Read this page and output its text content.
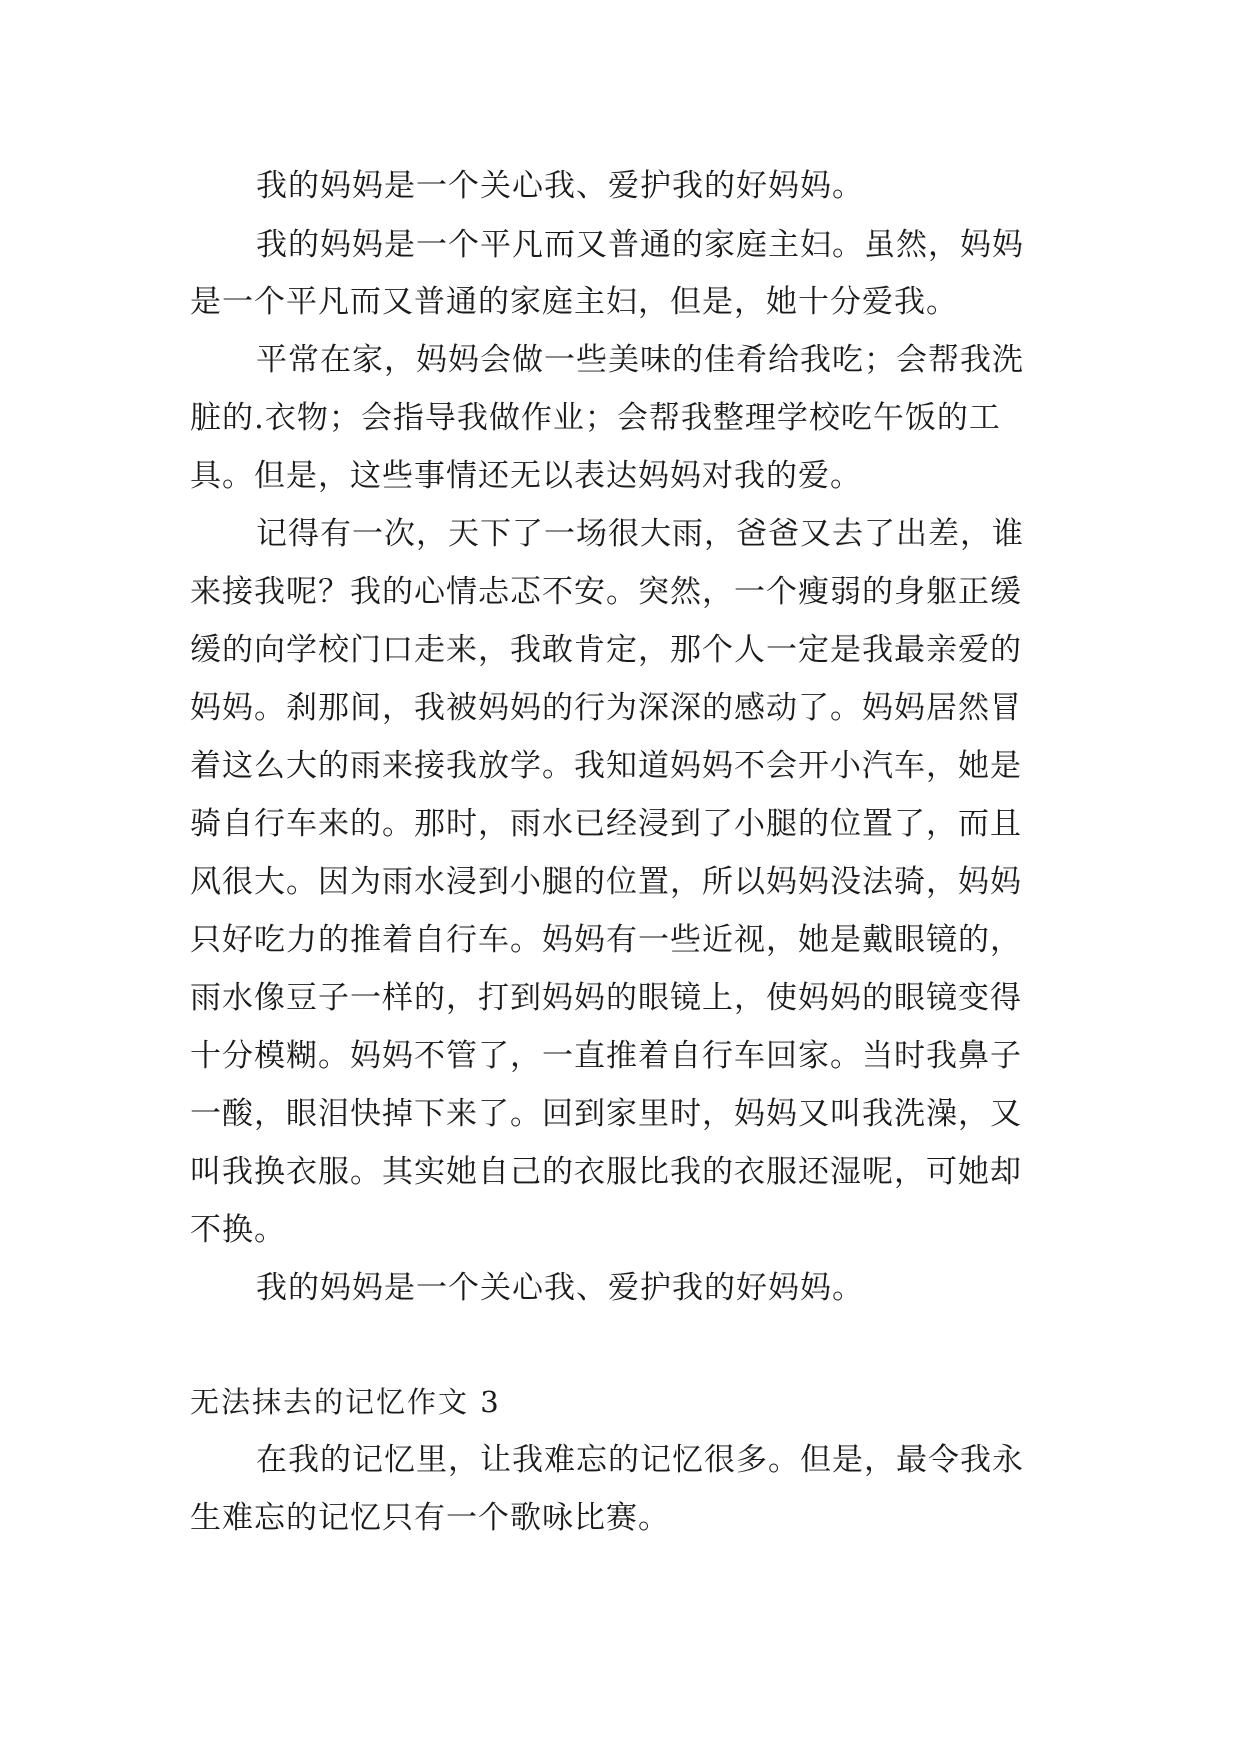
我的妈妈是一个关心我、爱护我的好妈妈。
我的妈妈是一个平凡而又普通的家庭主妇。虽然，妈妈
是一个平凡而又普通的家庭主妇，但是，她十分爱我。
平常在家，妈妈会做一些美味的佳肴给我吃；会帮我洗
脏的.衣物；会指导我做作业；会帮我整理学校吃午饭的工
具。但是，这些事情还无以表达妈妈对我的爱。
记得有一次，天下了一场很大雨，爸爸又去了出差，谁
来接我呢？我的心情忐忑不安。突然，一个瘦弱的身躯正缓
缓的向学校门口走来，我敢肯定，那个人一定是我最亲爱的
妈妈。刹那间，我被妈妈的行为深深的感动了。妈妈居然冒
着这么大的雨来接我放学。我知道妈妈不会开小汽车，她是
骑自行车来的。那时，雨水已经浸到了小腿的位置了，而且
风很大。因为雨水浸到小腿的位置，所以妈妈没法骑，妈妈
只好吃力的推着自行车。妈妈有一些近视，她是戴眼镜的，
雨水像豆子一样的，打到妈妈的眼镜上，使妈妈的眼镜变得
十分模糊。妈妈不管了，一直推着自行车回家。当时我鼻子
一酸，眼泪快掉下来了。回到家里时，妈妈又叫我洗澡，又
叫我换衣服。其实她自己的衣服比我的衣服还湿呢，可她却
不换。
我的妈妈是一个关心我、爱护我的好妈妈。
无法抹去的记忆作文 3
在我的记忆里，让我难忘的记忆很多。但是，最令我永
生难忘的记忆只有一个歌咏比赛。
